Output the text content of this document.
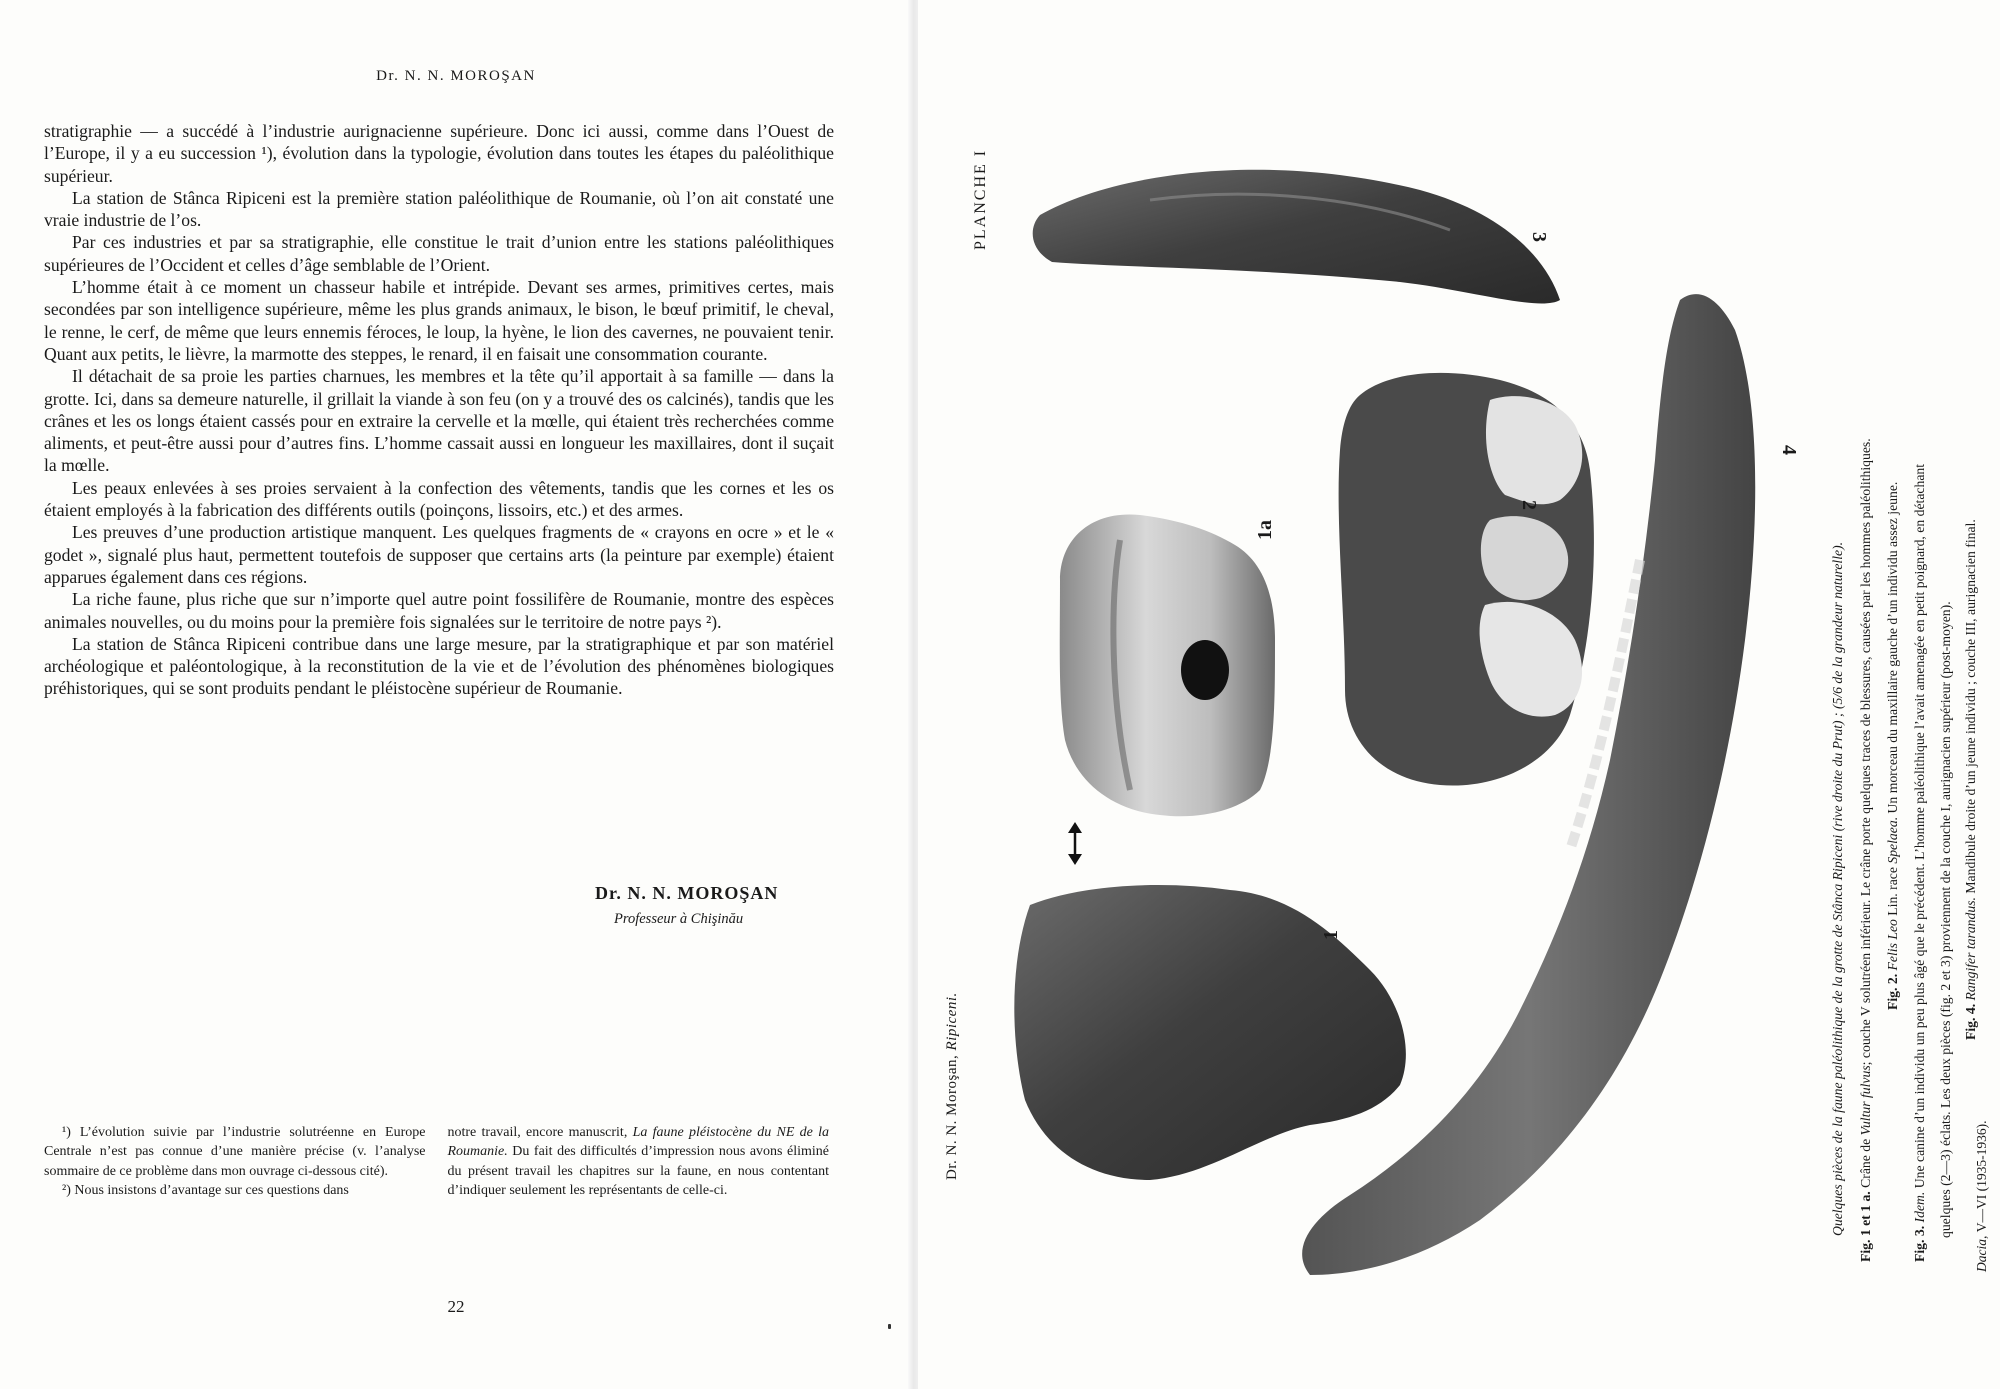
Dr. N. N. MOROŞAN

stratigraphie — a succédé à l’industrie aurignacienne supérieure. Donc ici aussi, comme dans l’Ouest de l’Europe, il y a eu succession ¹), évolution dans la typologie, évolution dans toutes les étapes du paléolithique supérieur.

La station de Stânca Ripiceni est la première station paléolithique de Roumanie, où l’on ait constaté une vraie industrie de l’os.

Par ces industries et par sa stratigraphie, elle constitue le trait d’union entre les stations paléolithiques supérieures de l’Occident et celles d’âge semblable de l’Orient.

L’homme était à ce moment un chasseur habile et intrépide. Devant ses armes, primitives certes, mais secondées par son intelligence supérieure, même les plus grands animaux, le bison, le bœuf primitif, le cheval, le renne, le cerf, de même que leurs ennemis féroces, le loup, la hyène, le lion des cavernes, ne pouvaient tenir. Quant aux petits, le lièvre, la marmotte des steppes, le renard, il en faisait une consommation courante.

Il détachait de sa proie les parties charnues, les membres et la tête qu’il apportait à sa famille — dans la grotte. Ici, dans sa demeure naturelle, il grillait la viande à son feu (on y a trouvé des os calcinés), tandis que les crânes et les os longs étaient cassés pour en extraire la cervelle et la mœlle, qui étaient très recherchées comme aliments, et peut-être aussi pour d’autres fins. L’homme cassait aussi en longueur les maxillaires, dont il suçait la mœlle.

Les peaux enlevées à ses proies servaient à la confection des vêtements, tandis que les cornes et les os étaient employés à la fabrication des différents outils (poinçons, lissoirs, etc.) et des armes.

Les preuves d’une production artistique manquent. Les quelques fragments de « crayons en ocre » et le « godet », signalé plus haut, permettent toutefois de supposer que certains arts (la peinture par exemple) étaient apparues également dans ces régions.

La riche faune, plus riche que sur n’importe quel autre point fossilifère de Roumanie, montre des espèces animales nouvelles, ou du moins pour la première fois signalées sur le territoire de notre pays ²).

La station de Stânca Ripiceni contribue dans une large mesure, par la stratigraphique et par son matériel archéologique et paléontologique, à la reconstitution de la vie et de l’évolution des phénomènes biologiques préhistoriques, qui se sont produits pendant le pléistocène supérieur de Roumanie.

Dr. N. N. MOROŞAN
Professeur à Chişinău

¹) L’évolution suivie par l’industrie solutréenne en Europe Centrale n’est pas connue d’une manière précise (v. l’analyse sommaire de ce problème dans mon ouvrage ci-dessous cité).

²) Nous insistons d’avantage sur ces questions dans

notre travail, encore manuscrit, La faune pléistocène du NE de la Roumanie. Du fait des difficultés d’impression nous avons éliminé du présent travail les chapitres sur la faune, en nous contentant d’indiquer seulement les représentants de celle-ci.

22
PLANCHE I
Dr. N. N. Moroşan, Ripiceni.
3
2
1a
4
1	Quelques pièces de la faune paléolithique de la grotte de Stânca Ripiceni (rive droite du Prut) ; (5/6 de la grandeur naturelle). Fig. 1 et 1 a. Crâne de Vultur fulvus; couche V solutréen inférieur. Le crâne porte quelques traces de blessures, causées par les hommes paléolithiques. Fig. 2. Felis Leo Lin. race Spelaea. Un morceau du maxillaire gauche d’un individu assez jeune.
Fig. 3. Idem. Une canine d’un individu un peu plus âgé que le précédent. L’homme paléolithique l’avait amenagée en petit poignard, en détachant quelques (2—3) éclats. Les deux pièces (fig. 2 et 3) proviennent de la couche I, aurignacien supérieur (post-moyen). Fig. 4. Rangifer tarandus. Mandibule droite d’un jeune individu ; couche III, aurignacien final.
Dacia, V—VI (1935-1936).
